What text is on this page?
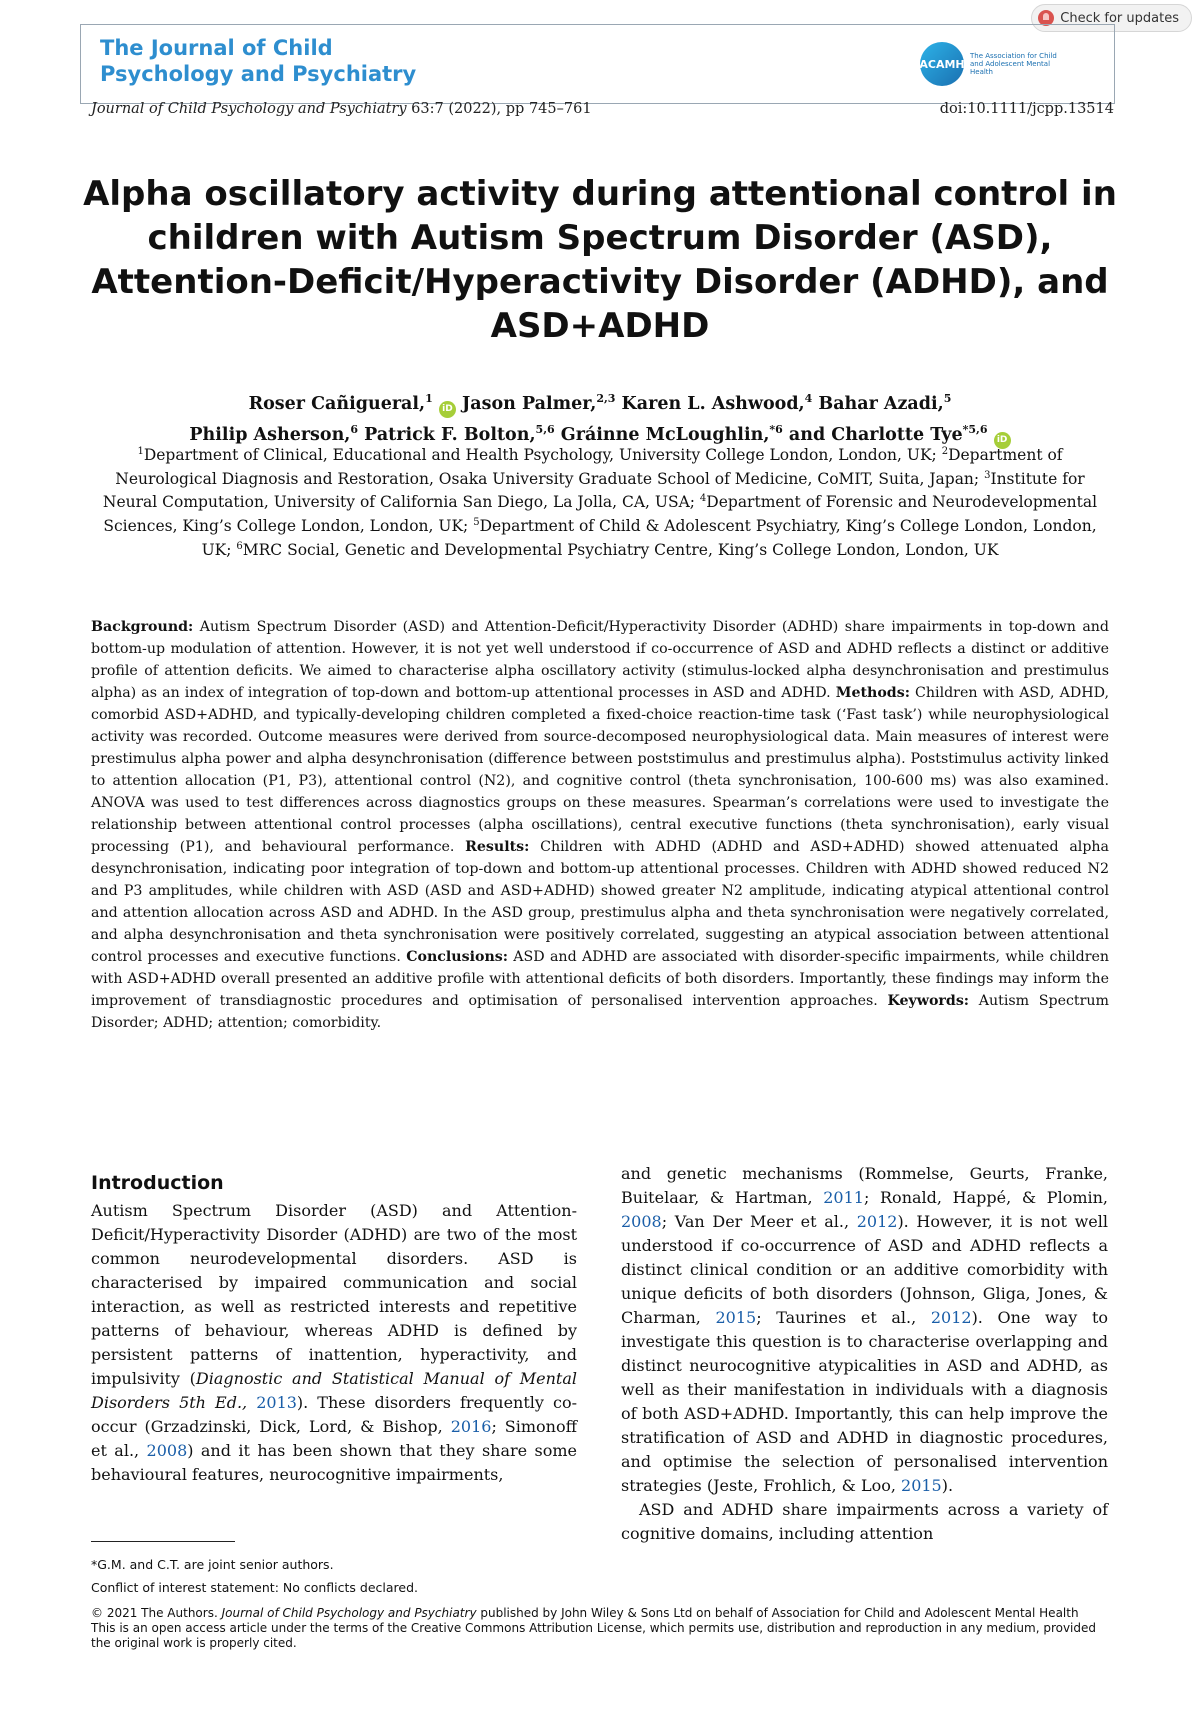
Check for updates
The Journal of Child
Psychology and Psychiatry	ACAMH
The Association for Child and Adolescent Mental Health
Journal of Child Psychology and Psychiatry 63:7 (2022), pp 745–761	doi:10.1111/jcpp.13514
Alpha oscillatory activity during attentional control in children with Autism Spectrum Disorder (ASD), Attention-Deficit/Hyperactivity Disorder (ADHD), and ASD+ADHD
Roser Cañigueral,$^1$ iD Jason Palmer,$^{2,3}$ Karen L. Ashwood,$^4$ Bahar Azadi,$^5$
Philip Asherson,$^6$ Patrick F. Bolton,$^{5,6}$ Gráinne McLoughlin,$^{*6}$ and Charlotte Tye$^{*5,6}$ iD
$^1$Department of Clinical, Educational and Health Psychology, University College London, London, UK; $^2$Department of Neurological Diagnosis and Restoration, Osaka University Graduate School of Medicine, CoMIT, Suita, Japan; $^3$Institute for Neural Computation, University of California San Diego, La Jolla, CA, USA; $^4$Department of Forensic and Neurodevelopmental Sciences, King’s College London, London, UK; $^5$Department of Child & Adolescent Psychiatry, King’s College London, London, UK; $^6$MRC Social, Genetic and Developmental Psychiatry Centre, King’s College London, London, UK
Background: Autism Spectrum Disorder (ASD) and Attention-Deficit/Hyperactivity Disorder (ADHD) share impairments in top-down and bottom-up modulation of attention. However, it is not yet well understood if co-occurrence of ASD and ADHD reflects a distinct or additive profile of attention deficits. We aimed to characterise alpha oscillatory activity (stimulus-locked alpha desynchronisation and prestimulus alpha) as an index of integration of top-down and bottom-up attentional processes in ASD and ADHD. Methods: Children with ASD, ADHD, comorbid ASD+ADHD, and typically-developing children completed a fixed-choice reaction-time task (‘Fast task’) while neurophysiological activity was recorded. Outcome measures were derived from source-decomposed neurophysiological data. Main measures of interest were prestimulus alpha power and alpha desynchronisation (difference between poststimulus and prestimulus alpha). Poststimulus activity linked to attention allocation (P1, P3), attentional control (N2), and cognitive control (theta synchronisation, 100-600 ms) was also examined. ANOVA was used to test differences across diagnostics groups on these measures. Spearman’s correlations were used to investigate the relationship between attentional control processes (alpha oscillations), central executive functions (theta synchronisation), early visual processing (P1), and behavioural performance. Results: Children with ADHD (ADHD and ASD+ADHD) showed attenuated alpha desynchronisation, indicating poor integration of top-down and bottom-up attentional processes. Children with ADHD showed reduced N2 and P3 amplitudes, while children with ASD (ASD and ASD+ADHD) showed greater N2 amplitude, indicating atypical attentional control and attention allocation across ASD and ADHD. In the ASD group, prestimulus alpha and theta synchronisation were negatively correlated, and alpha desynchronisation and theta synchronisation were positively correlated, suggesting an atypical association between attentional control processes and executive functions. Conclusions: ASD and ADHD are associated with disorder-specific impairments, while children with ASD+ADHD overall presented an additive profile with attentional deficits of both disorders. Importantly, these findings may inform the improvement of transdiagnostic procedures and optimisation of personalised intervention approaches. Keywords: Autism Spectrum Disorder; ADHD; attention; comorbidity.
Introduction
Autism Spectrum Disorder (ASD) and Attention-Deficit/Hyperactivity Disorder (ADHD) are two of the most common neurodevelopmental disorders. ASD is characterised by impaired communication and social interaction, as well as restricted interests and repetitive patterns of behaviour, whereas ADHD is defined by persistent patterns of inattention, hyperactivity, and impulsivity (Diagnostic and Statistical Manual of Mental Disorders 5th Ed., 2013). These disorders frequently co-occur (Grzadzinski, Dick, Lord, & Bishop, 2016; Simonoff et al., 2008) and it has been shown that they share some behavioural features, neurocognitive impairments,
and genetic mechanisms (Rommelse, Geurts, Franke, Buitelaar, & Hartman, 2011; Ronald, Happé, & Plomin, 2008; Van Der Meer et al., 2012). However, it is not well understood if co-occurrence of ASD and ADHD reflects a distinct clinical condition or an additive comorbidity with unique deficits of both disorders (Johnson, Gliga, Jones, & Charman, 2015; Taurines et al., 2012). One way to investigate this question is to characterise overlapping and distinct neurocognitive atypicalities in ASD and ADHD, as well as their manifestation in individuals with a diagnosis of both ASD+ADHD. Importantly, this can help improve the stratification of ASD and ADHD in diagnostic procedures, and optimise the selection of personalised intervention strategies (Jeste, Frohlich, & Loo, 2015).
ASD and ADHD share impairments across a variety of cognitive domains, including attention
*G.M. and C.T. are joint senior authors.
Conflict of interest statement: No conflicts declared.
© 2021 The Authors. Journal of Child Psychology and Psychiatry published by John Wiley & Sons Ltd on behalf of Association for Child and Adolescent Mental Health
This is an open access article under the terms of the Creative Commons Attribution License, which permits use, distribution and reproduction in any medium, provided the original work is properly cited.
